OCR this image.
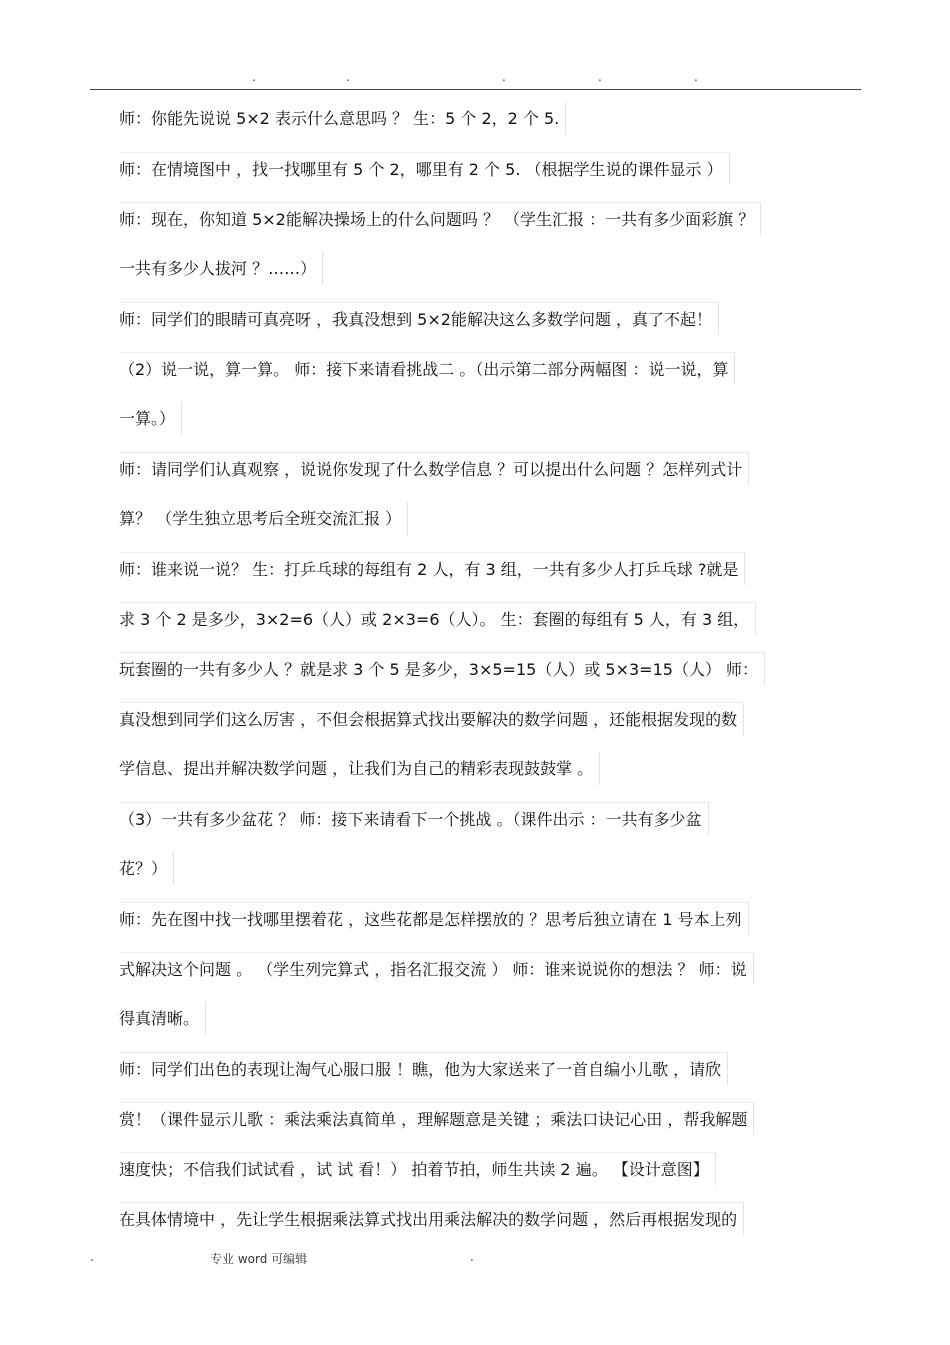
.	.	.	.	.
师：你能先说说 5×2 表示什么意思吗 ？ 生：5 个 2，2 个 5.
师：在情境图中 ，找一找哪里有 5 个 2，哪里有 2 个 5. （根据学生说的课件显示 ）
师：现在，你知道 5×2能解决操场上的什么问题吗 ？ （学生汇报 ：一共有多少面彩旗 ？
一共有多少人拔河 ？……）
师：同学们的眼睛可真亮呀 ，我真没想到 5×2能解决这么多数学问题 ，真了不起！
（2）说一说，算一算。 师：接下来请看挑战二 。（出示第二部分两幅图 ：说一说，算
一算。）
师：请同学们认真观察 ，说说你发现了什么数学信息 ？可以提出什么问题 ？怎样列式计
算？ （学生独立思考后全班交流汇报 ）
师：谁来说一说？ 生：打乒乓球的每组有 2 人，有 3 组，一共有多少人打乒乓球 ?就是
求 3 个 2 是多少，3×2=6（人）或 2×3=6（人）。 生：套圈的每组有 5 人，有 3 组，
玩套圈的一共有多少人 ？就是求 3 个 5 是多少，3×5=15（人）或 5×3=15（人） 师：
真没想到同学们这么厉害 ，不但会根据算式找出要解决的数学问题 ，还能根据发现的数
学信息、提出并解决数学问题 ，让我们为自己的精彩表现鼓鼓掌 。
（3）一共有多少盆花 ？ 师：接下来请看下一个挑战 。（课件出示 ：一共有多少盆
花？）
师：先在图中找一找哪里摆着花 ，这些花都是怎样摆放的 ？思考后独立请在 1 号本上列
式解决这个问题 。 （学生列完算式 ，指名汇报交流 ） 师：谁来说说你的想法 ？ 师：说
得真清晰。
师：同学们出色的表现让淘气心服口服 ！瞧，他为大家送来了一首自编小儿歌 ，请欣
赏！（课件显示儿歌 ：乘法乘法真简单 ，理解题意是关键 ；乘法口诀记心田 ，帮我解题
速度快；不信我们试试看 ，试 试 看！） 拍着节拍，师生共读 2 遍。 【设计意图】
在具体情境中 ，先让学生根据乘法算式找出用乘法解决的数学问题 ，然后再根据发现的
.	专业 word 可编辑	.
